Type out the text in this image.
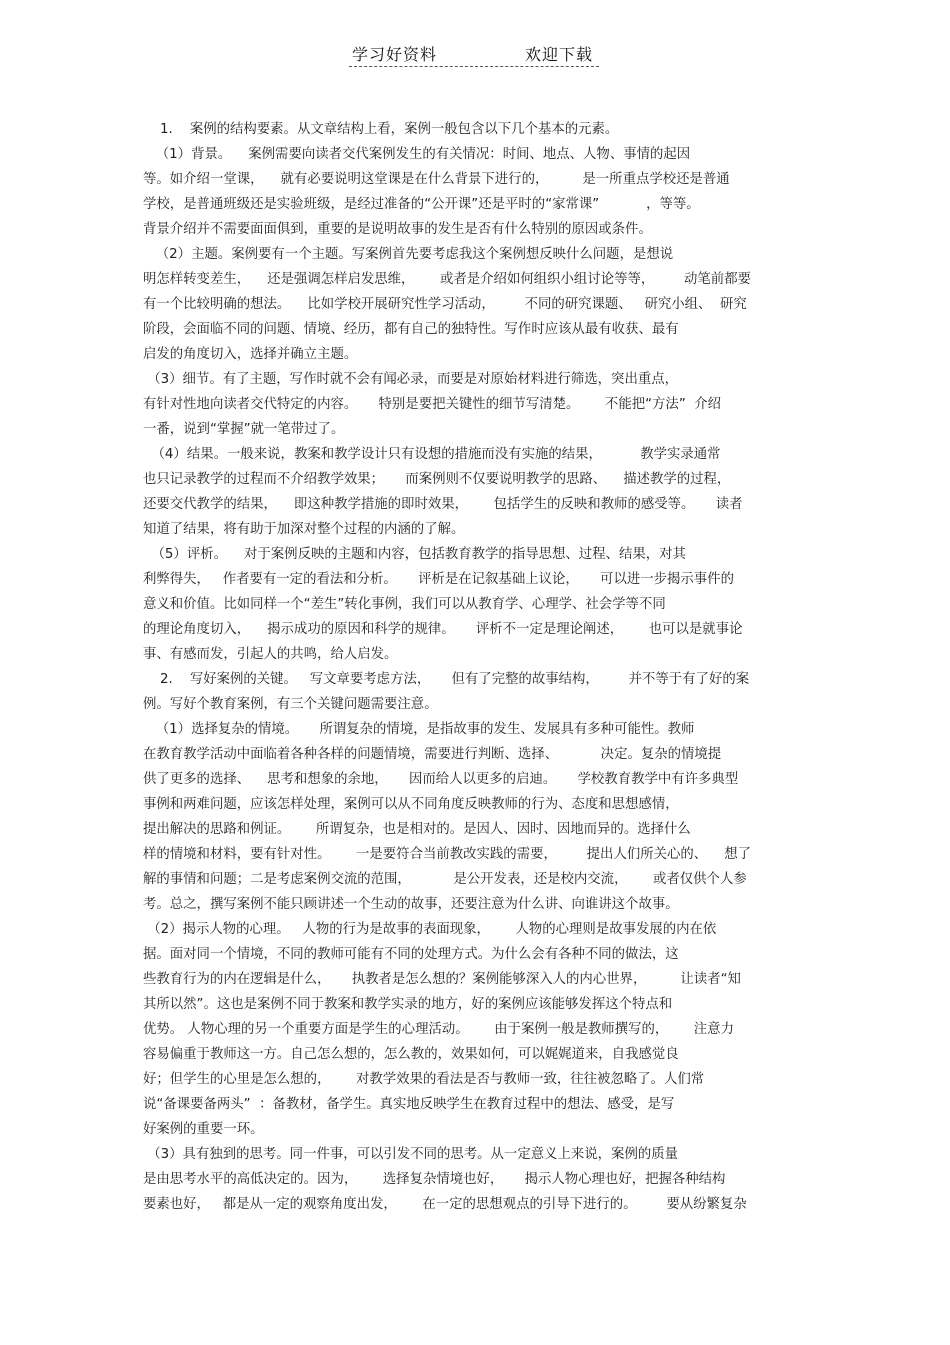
学习好资料	欢迎下载
1.    案例的结构要素。从文章结构上看，案例一般包含以下几个基本的元素。
（1）背景。    案例需要向读者交代案例发生的有关情况：时间、地点、人物、事情的起因
等。如介绍一堂课，    就有必要说明这堂课是在什么背景下进行的，        是一所重点学校还是普通
学校，是普通班级还是实验班级，是经过准备的“公开课”还是平时的“家常课”           ，等等。
背景介绍并不需要面面俱到，重要的是说明故事的发生是否有什么特别的原因或条件。
（2）主题。案例要有一个主题。写案例首先要考虑我这个案例想反映什么问题，是想说
明怎样转变差生，    还是强调怎样启发思维，      或者是介绍如何组织小组讨论等等，       动笔前都要
有一个比较明确的想法。    比如学校开展研究性学习活动，       不同的研究课题、   研究小组、  研究
阶段，会面临不同的问题、情境、经历，都有自己的独特性。写作时应该从最有收获、最有
启发的角度切入，选择并确立主题。
（3）细节。有了主题，写作时就不会有闻必录，而要是对原始材料进行筛选，突出重点，
有针对性地向读者交代特定的内容。     特别是要把关键性的细节写清楚。      不能把“方法”  介绍
一番，说到“掌握”就一笔带过了。
（4）结果。一般来说，教案和教学设计只有设想的措施而没有实施的结果，         教学实录通常
也只记录教学的过程而不介绍教学效果；     而案例则不仅要说明教学的思路、    描述教学的过程，
还要交代教学的结果，    即这种教学措施的即时效果，      包括学生的反映和教师的感受等。     读者
知道了结果，将有助于加深对整个过程的内涵的了解。
（5）评析。    对于案例反映的主题和内容，包括教育教学的指导思想、过程、结果，对其
利弊得失，   作者要有一定的看法和分析。     评析是在记叙基础上议论，     可以进一步揭示事件的
意义和价值。比如同样一个“差生”转化事例，我们可以从教育学、心理学、社会学等不同
的理论角度切入，    揭示成功的原因和科学的规律。     评析不一定是理论阐述，      也可以是就事论
事、有感而发，引起人的共鸣，给人启发。
2.    写好案例的关键。   写文章要考虑方法，     但有了完整的故事结构，       并不等于有了好的案
例。写好个教育案例，有三个关键问题需要注意。
（1）选择复杂的情境。     所谓复杂的情境，是指故事的发生、发展具有多种可能性。教师
在教育教学活动中面临着各种各样的问题情境，需要进行判断、选择、          决定。复杂的情境提
供了更多的选择、    思考和想象的余地，     因而给人以更多的启迪。     学校教育教学中有许多典型
事例和两难问题，应该怎样处理，案例可以从不同角度反映教师的行为、态度和思想感情，
提出解决的思路和例证。      所谓复杂，也是相对的。是因人、因时、因地而异的。选择什么
样的情境和材料，要有针对性。      一是要符合当前教改实践的需要，       提出人们所关心的、    想了
解的事情和问题；二是考虑案例交流的范围，          是公开发表，还是校内交流，      或者仅供个人参
考。总之，撰写案例不能只顾讲述一个生动的故事，还要注意为什么讲、向谁讲这个故事。
（2）揭示人物的心理。   人物的行为是故事的表面现象，      人物的心理则是故事发展的内在依
据。面对同一个情境，不同的教师可能有不同的处理方式。为什么会有各种不同的做法，这
些教育行为的内在逻辑是什么，     执教者是怎么想的？案例能够深入人的内心世界，        让读者“知
其所以然”。这也是案例不同于教案和教学实录的地方，好的案例应该能够发挥这个特点和
优势。 人物心理的另一个重要方面是学生的心理活动。      由于案例一般是教师撰写的，      注意力
容易偏重于教师这一方。自己怎么想的，怎么教的，效果如何，可以娓娓道来，自我感觉良
好；但学生的心里是怎么想的，      对教学效果的看法是否与教师一致，往往被忽略了。人们常
说“备课要备两头”  ：备教材，备学生。真实地反映学生在教育过程中的想法、感受，是写
好案例的重要一环。
（3）具有独到的思考。同一件事，可以引发不同的思考。从一定意义上来说，案例的质量
是由思考水平的高低决定的。因为，      选择复杂情境也好，     揭示人物心理也好，把握各种结构
要素也好，   都是从一定的观察角度出发，      在一定的思想观点的引导下进行的。       要从纷繁复杂
